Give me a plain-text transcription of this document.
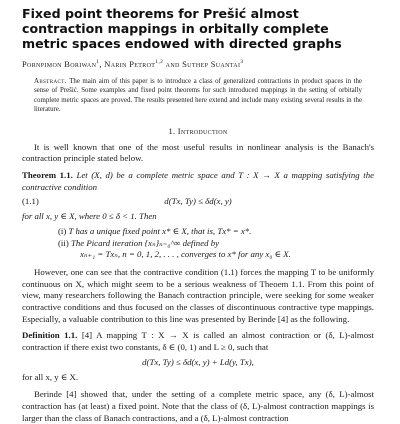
Fixed point theorems for Prešić almost contraction mappings in orbitally complete metric spaces endowed with directed graphs
Pornpimon Boriwan$^1$, Narin Petrot$^{1,2}$ and Suthep Suantai$^3$
Abstract. The main aim of this paper is to introduce a class of generalized contractions in product spaces in the sense of Prešić. Some examples and fixed point theorems for such introduced mappings in the setting of orbitally complete metric spaces are proved. The results presented here extend and include many existing several results in the literature.
1. Introduction

It is well known that one of the most useful results in nonlinear analysis is the Banach's contraction principle stated below.

Theorem 1.1. Let (X, d) be a complete metric space and T : X → X a mapping satisfying the contractive condition
(1.1)	d(Tx, Ty) ≤ δd(x, y)

for all x, y ∈ X, where 0 ≤ δ < 1. Then

(i) T has a unique fixed point x* ∈ X, that is, Tx* = x*.

(ii) The Picard iteration {xₙ}ₙ₌₀^∞ defined by

xₙ₊₁ = Txₙ, n = 0, 1, 2, . . . , converges to x* for any x₀ ∈ X.

However, one can see that the contractive condition (1.1) forces the mapping T to be uniformly continuous on X, which might seem to be a serious weakness of Theoem 1.1. From this point of view, many researchers following the Banach contraction principle, were seeking for some weaker contractive conditions and thus focused on the classes of discontinuous contractive type mappings. Especially, a valuable contribution to this line was presented by Berinde [4] as the following.

Definition 1.1. [4] A mapping T : X → X is called an almost contraction or (δ, L)-almost contraction if there exist two constants, δ ∈ (0, 1) and L ≥ 0, such that
d(Tx, Ty) ≤ δd(x, y) + Ld(y, Tx),

for all x, y ∈ X.

Berinde [4] showed that, under the setting of a complete metric space, any (δ, L)-almost contraction has (at least) a fixed point. Note that the class of (δ, L)-almost contraction mappings is larger than the class of Banach contractions, and a (δ, L)-almost contraction
